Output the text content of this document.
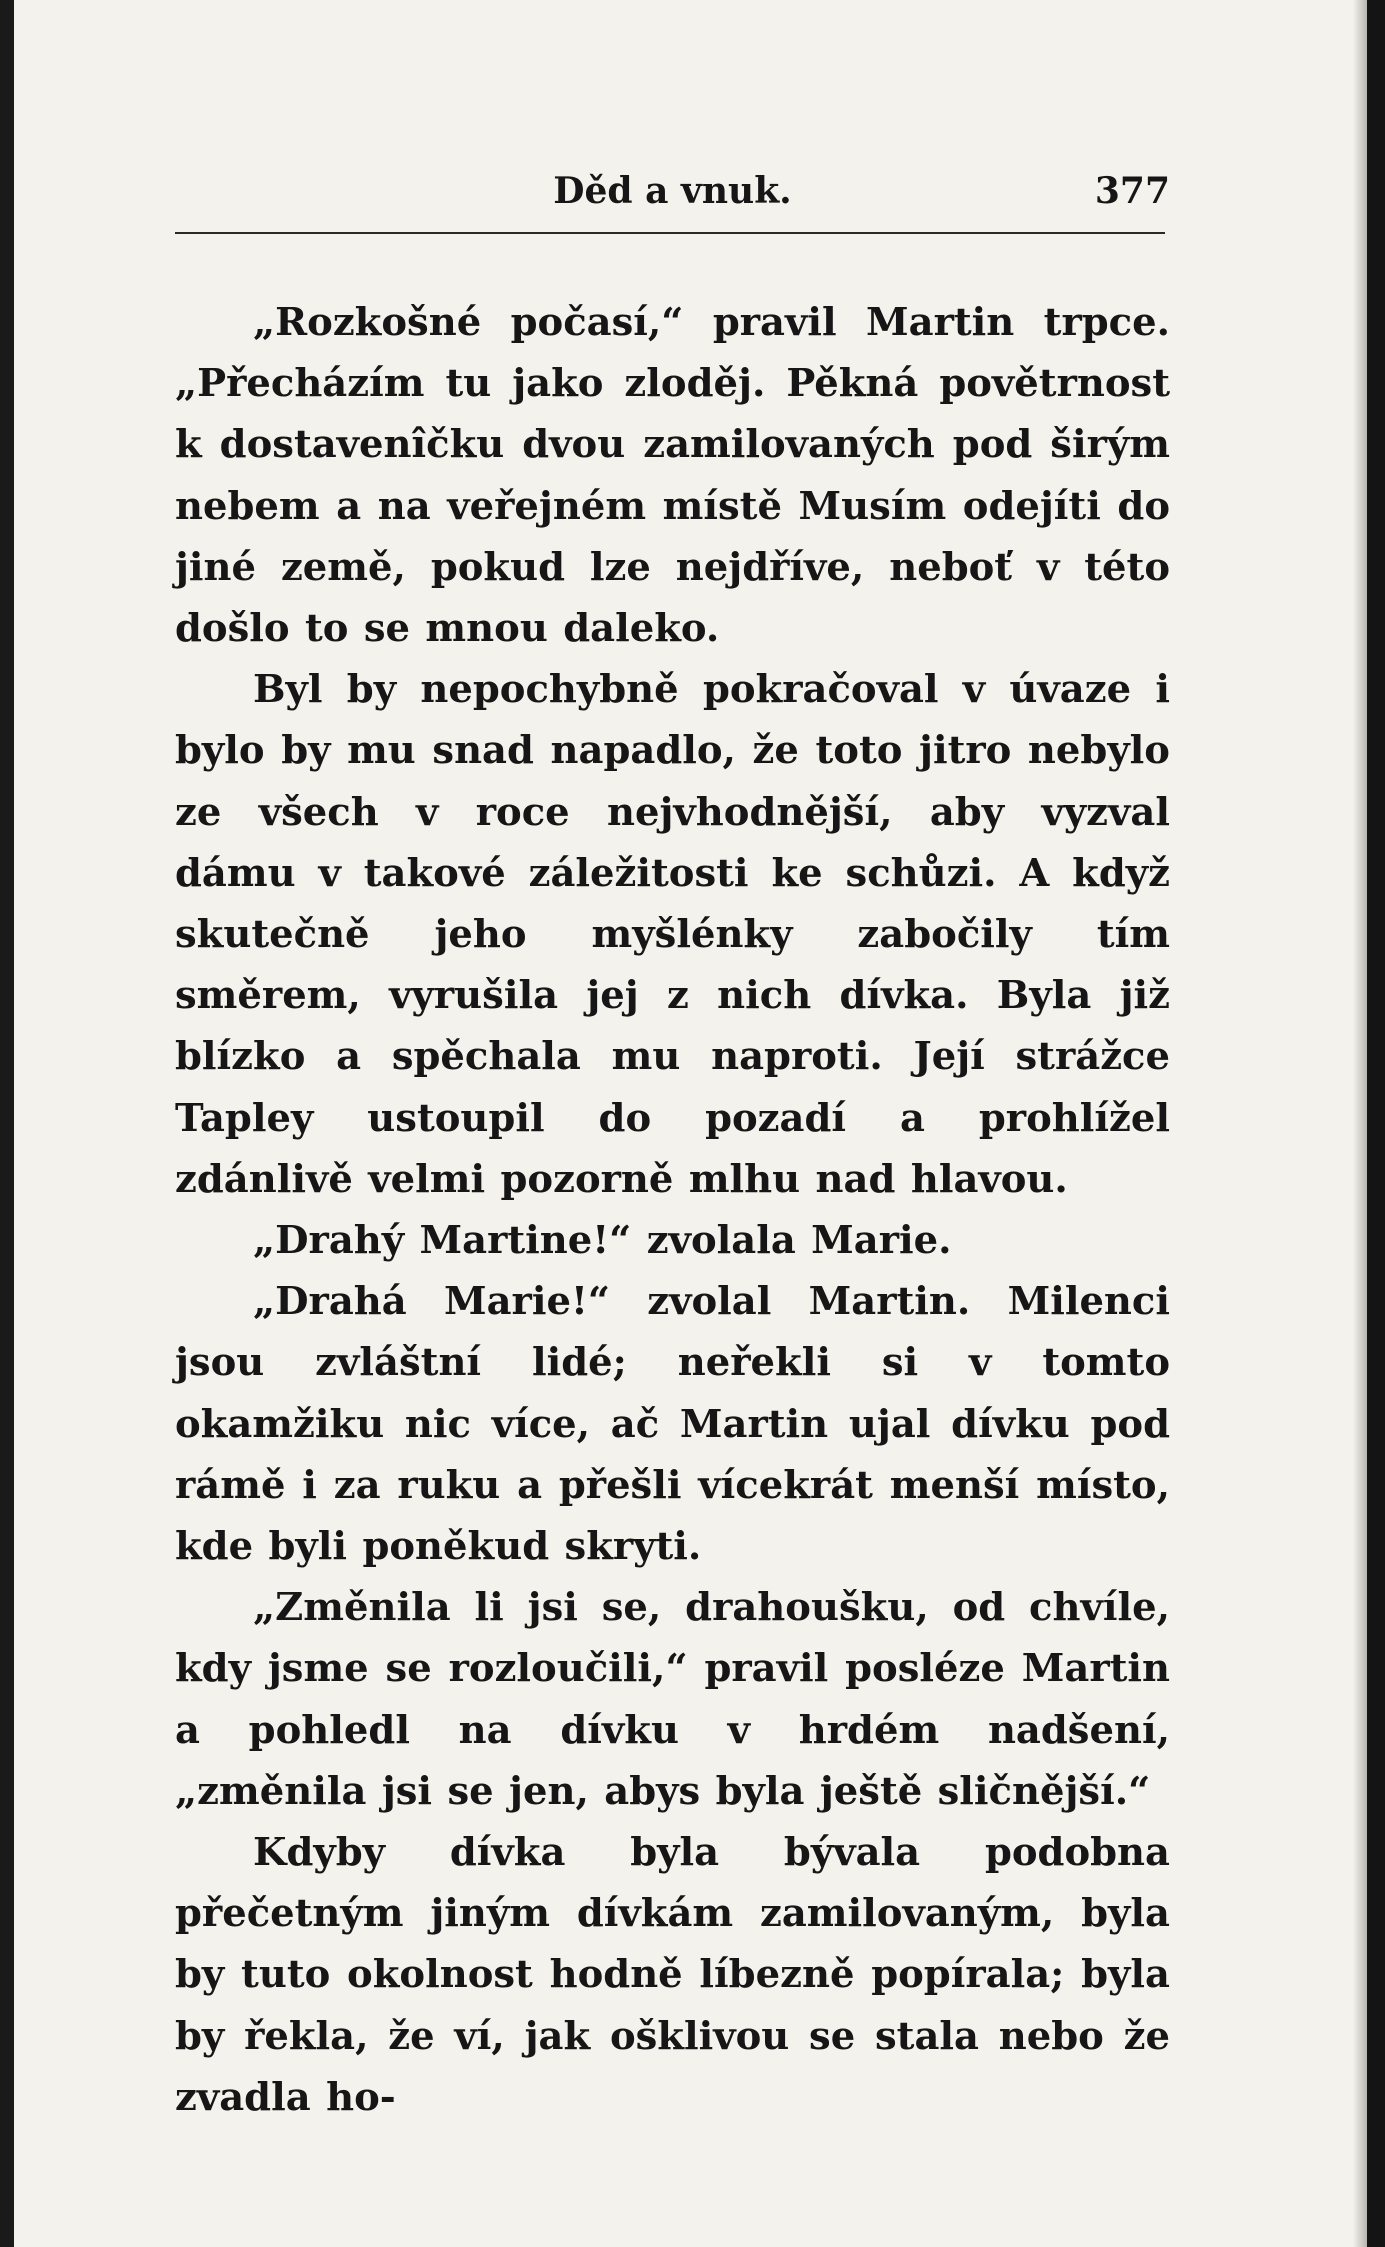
Děd a vnuk.	377

„Rozkošné počasí,“ pravil Martin trpce. „Přecházím tu jako zloděj. Pěkná povětrnost k dostavenîčku dvou zamilovaných pod širým nebem a na veřejném místě Musím odejíti do jiné země, pokud lze nejdříve, neboť v této došlo to se mnou daleko.

Byl by nepochybně pokračoval v úvaze i bylo by mu snad napadlo, že toto jitro nebylo ze všech v roce nejvhodnější, aby vyzval dámu v takové záležitosti ke schůzi. A když skutečně jeho myšlénky zabočily tím směrem, vyrušila jej z nich dívka. Byla již blízko a spěchala mu naproti. Její strážce Tapley ustoupil do pozadí a prohlížel zdánlivě velmi pozorně mlhu nad hlavou.

„Drahý Martine!“ zvolala Marie.

„Drahá Marie!“ zvolal Martin. Milenci jsou zvláštní lidé; neřekli si v tomto okamžiku nic více, ač Martin ujal dívku pod rámě i za ruku a přešli vícekrát menší místo, kde byli poněkud skryti.

„Změnila li jsi se, drahoušku, od chvíle, kdy jsme se rozloučili,“ pravil posléze Martin a pohledl na dívku v hrdém nadšení, „změnila jsi se jen, abys byla ještě sličnější.“

Kdyby dívka byla bývala podobna přečetným jiným dívkám zamilovaným, byla by tuto okolnost hodně líbezně popírala; byla by řekla, že ví, jak ošklivou se stala nebo že zvadla ho-
